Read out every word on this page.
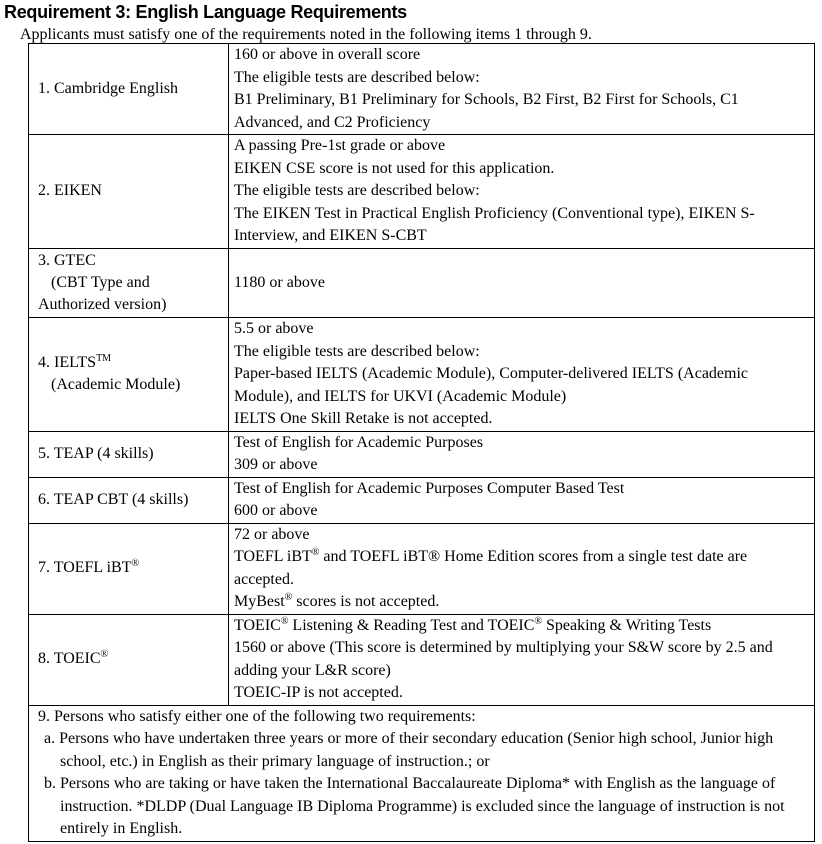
Requirement 3: English Language Requirements
Applicants must satisfy one of the requirements noted in the following items 1 through 9.
1. Cambridge English	160 or above in overall score
The eligible tests are described below:
B1 Preliminary, B1 Preliminary for Schools, B2 First, B2 First for Schools, C1 Advanced, and C2 Proficiency

2. EIKEN	A passing Pre-1st grade or above
EIKEN CSE score is not used for this application.
The eligible tests are described below:
The EIKEN Test in Practical English Proficiency (Conventional type), EIKEN S-Interview, and EIKEN S-CBT

3. GTEC
(CBT Type and
Authorized version)	1180 or above

4. IELTS™
(Academic Module)	5.5 or above
The eligible tests are described below:
Paper-based IELTS (Academic Module), Computer-delivered IELTS (Academic Module), and IELTS for UKVI (Academic Module)
IELTS One Skill Retake is not accepted.

5. TEAP (4 skills)	Test of English for Academic Purposes
309 or above

6. TEAP CBT (4 skills)	Test of English for Academic Purposes Computer Based Test
600 or above

7. TOEFL iBT®	72 or above
TOEFL iBT® and TOEFL iBT® Home Edition scores from a single test date are accepted.
MyBest® scores is not accepted.

8. TOEIC®	TOEIC® Listening & Reading Test and TOEIC® Speaking & Writing Tests
1560 or above (This score is determined by multiplying your S&W score by 2.5 and adding your L&R score)
TOEIC-IP is not accepted.

9. Persons who satisfy either one of the following two requirements:
a. Persons who have undertaken three years or more of their secondary education (Senior high school, Junior high school, etc.) in English as their primary language of instruction.; or
b. Persons who are taking or have taken the International Baccalaureate Diploma* with English as the language of instruction. *DLDP (Dual Language IB Diploma Programme) is excluded since the language of instruction is not entirely in English.	
